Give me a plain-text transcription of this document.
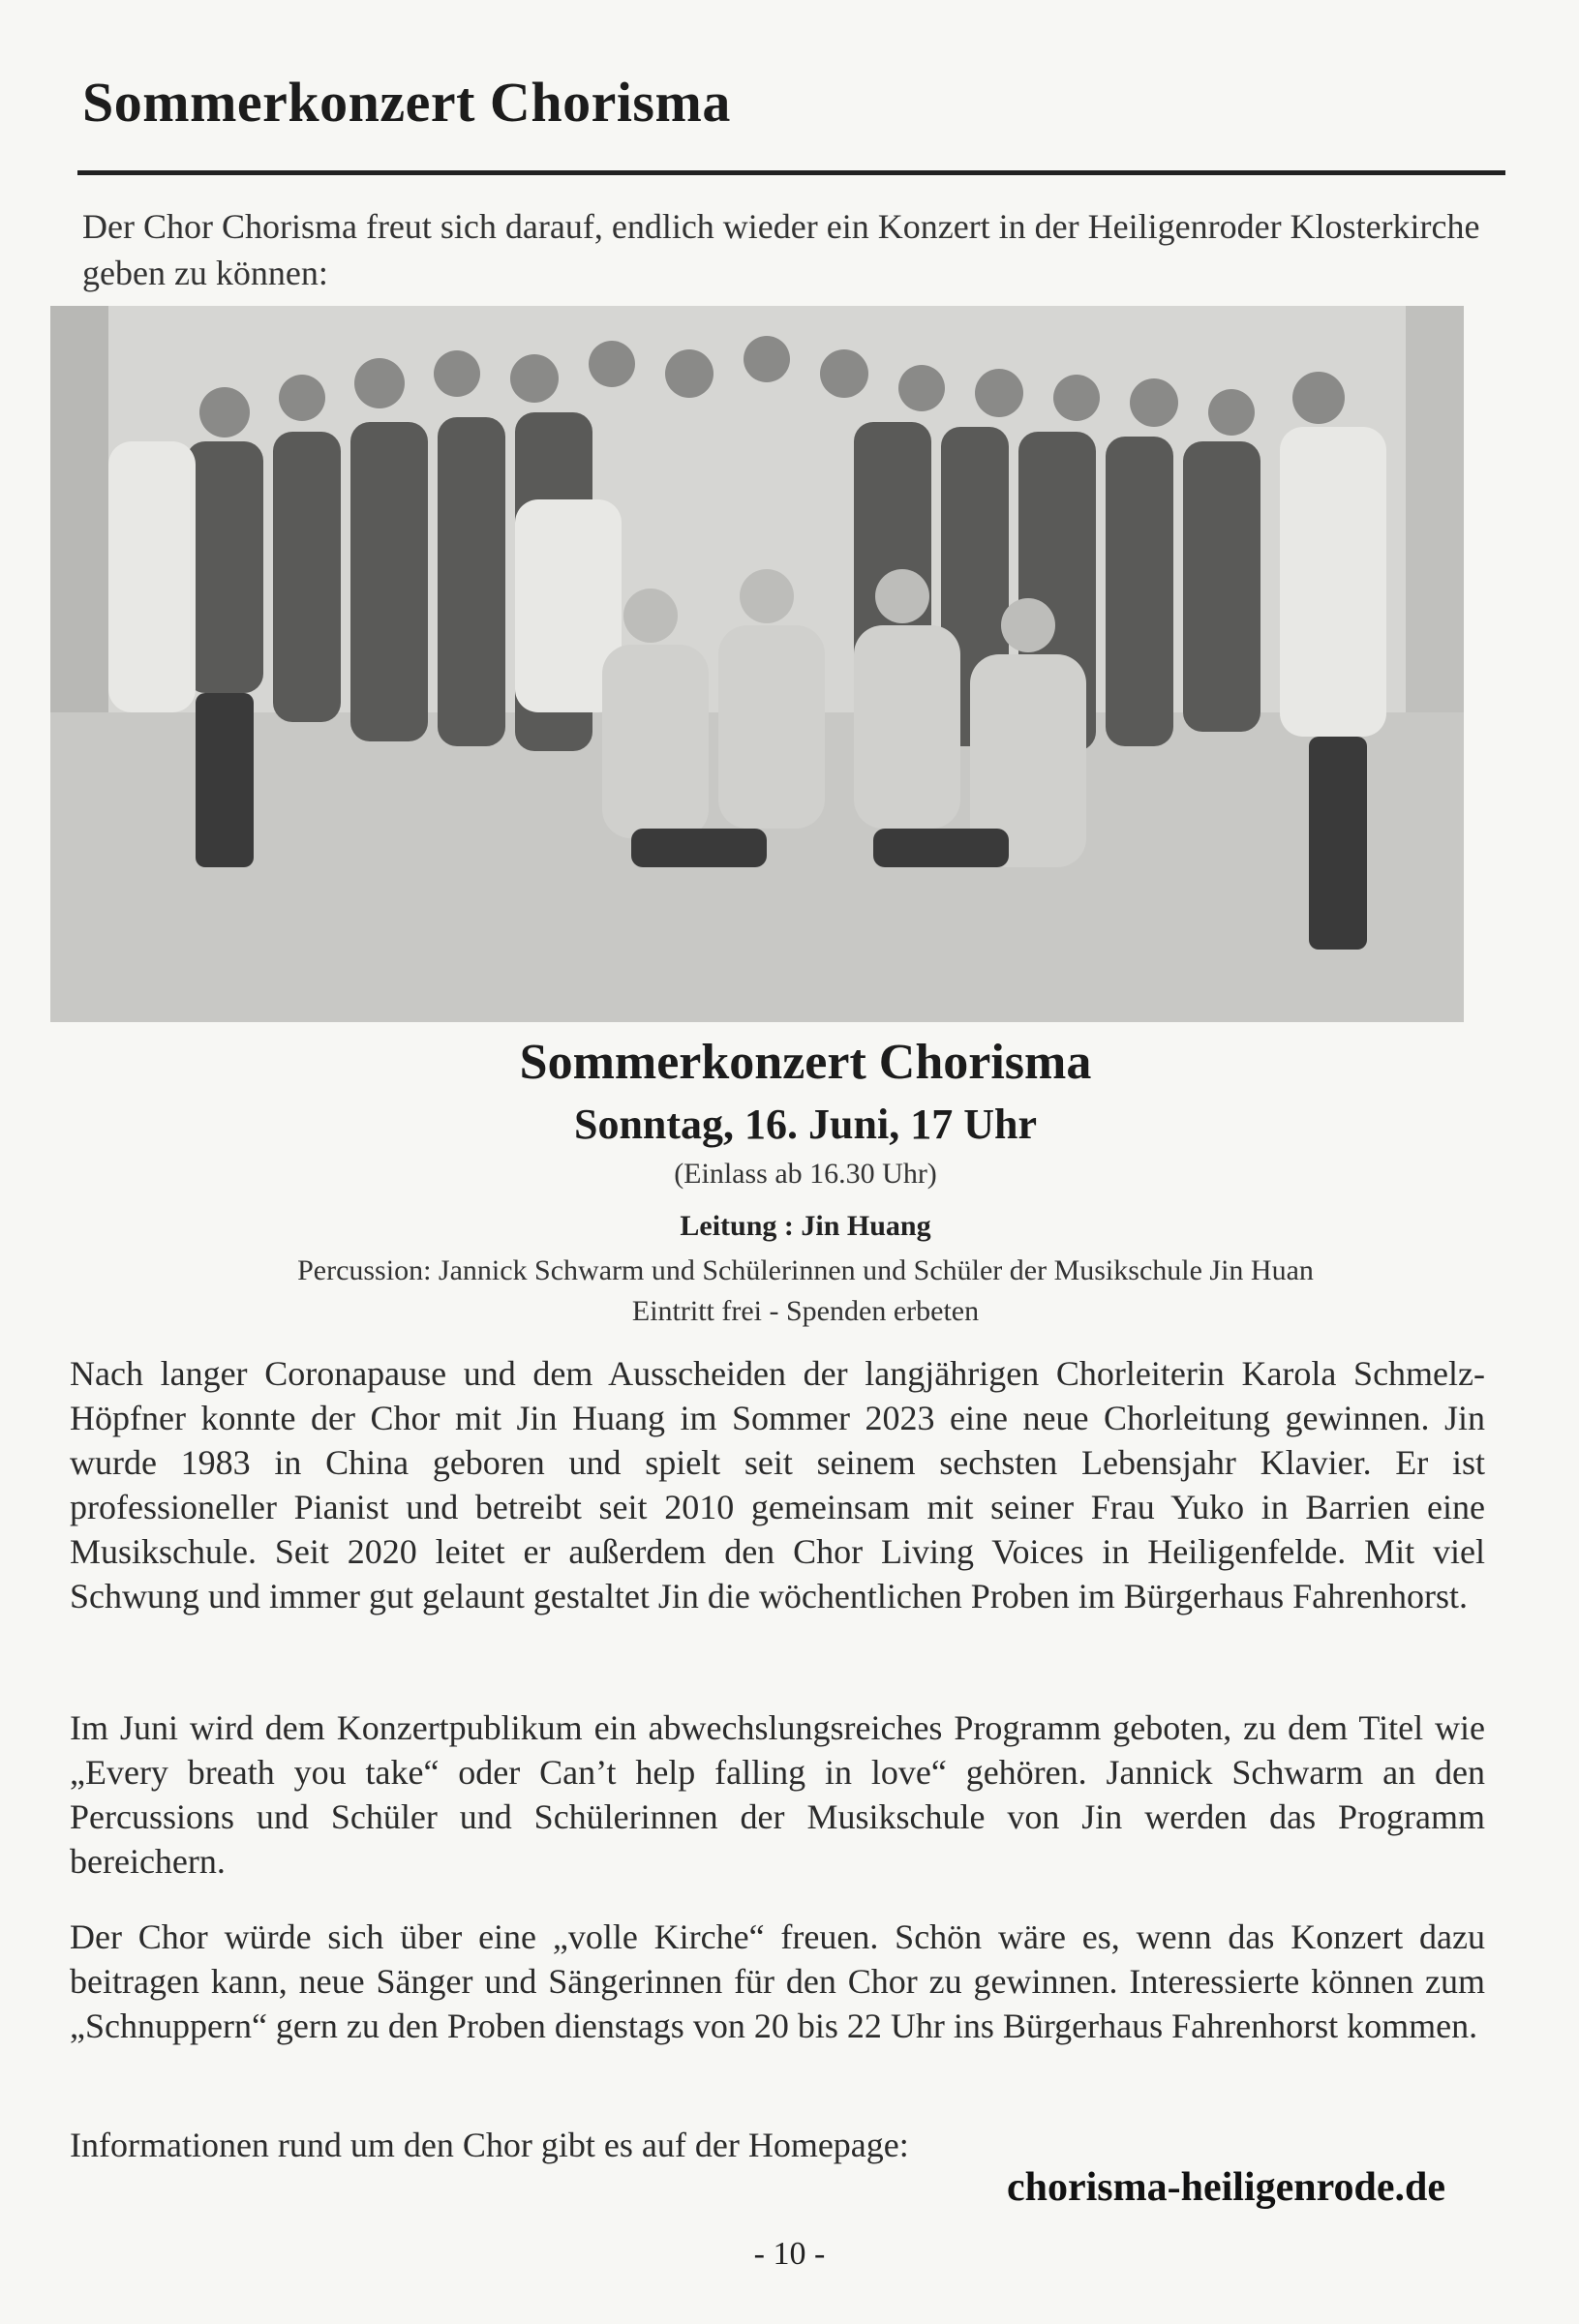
Sommerkonzert Chorisma
Der Chor Chorisma freut sich darauf, endlich wieder ein Konzert in der Heiligenroder Klosterkirche geben zu können:
Sommerkonzert Chorisma
Sonntag, 16. Juni, 17 Uhr
(Einlass ab 16.30 Uhr)
Leitung : Jin Huang
Percussion: Jannick Schwarm und Schülerinnen und Schüler der Musikschule Jin Huan
Eintritt frei - Spenden erbeten
Nach langer Coronapause und dem Ausscheiden der langjährigen Chorleiterin Karola Schmelz-Höpfner konnte der Chor mit Jin Huang im Sommer 2023 eine neue Chorleitung gewinnen. Jin wurde 1983 in China geboren und spielt seit seinem sechsten Lebensjahr Klavier. Er ist professioneller Pianist und betreibt seit 2010 gemeinsam mit seiner Frau Yuko in Barrien eine Musikschule. Seit 2020 leitet er außerdem den Chor Living Voices in Heiligenfelde. Mit viel Schwung und immer gut gelaunt gestaltet Jin die wöchentlichen Proben im Bürgerhaus Fahrenhorst.
Im Juni wird dem Konzertpublikum ein abwechslungsreiches Programm geboten, zu dem Titel wie „Every breath you take“ oder Can’t help falling in love“ gehören. Jannick Schwarm an den Percussions und Schüler und Schülerinnen der Musikschule von Jin werden das Programm bereichern.
Der Chor würde sich über eine „volle Kirche“ freuen. Schön wäre es, wenn das Konzert dazu beitragen kann, neue Sänger und Sängerinnen für den Chor zu gewinnen. Interessierte können zum „Schnuppern“ gern zu den Proben dienstags von 20 bis 22 Uhr ins Bürgerhaus Fahrenhorst kommen.
Informationen rund um den Chor gibt es auf der Homepage:
chorisma-heiligenrode.de
- 10 -
